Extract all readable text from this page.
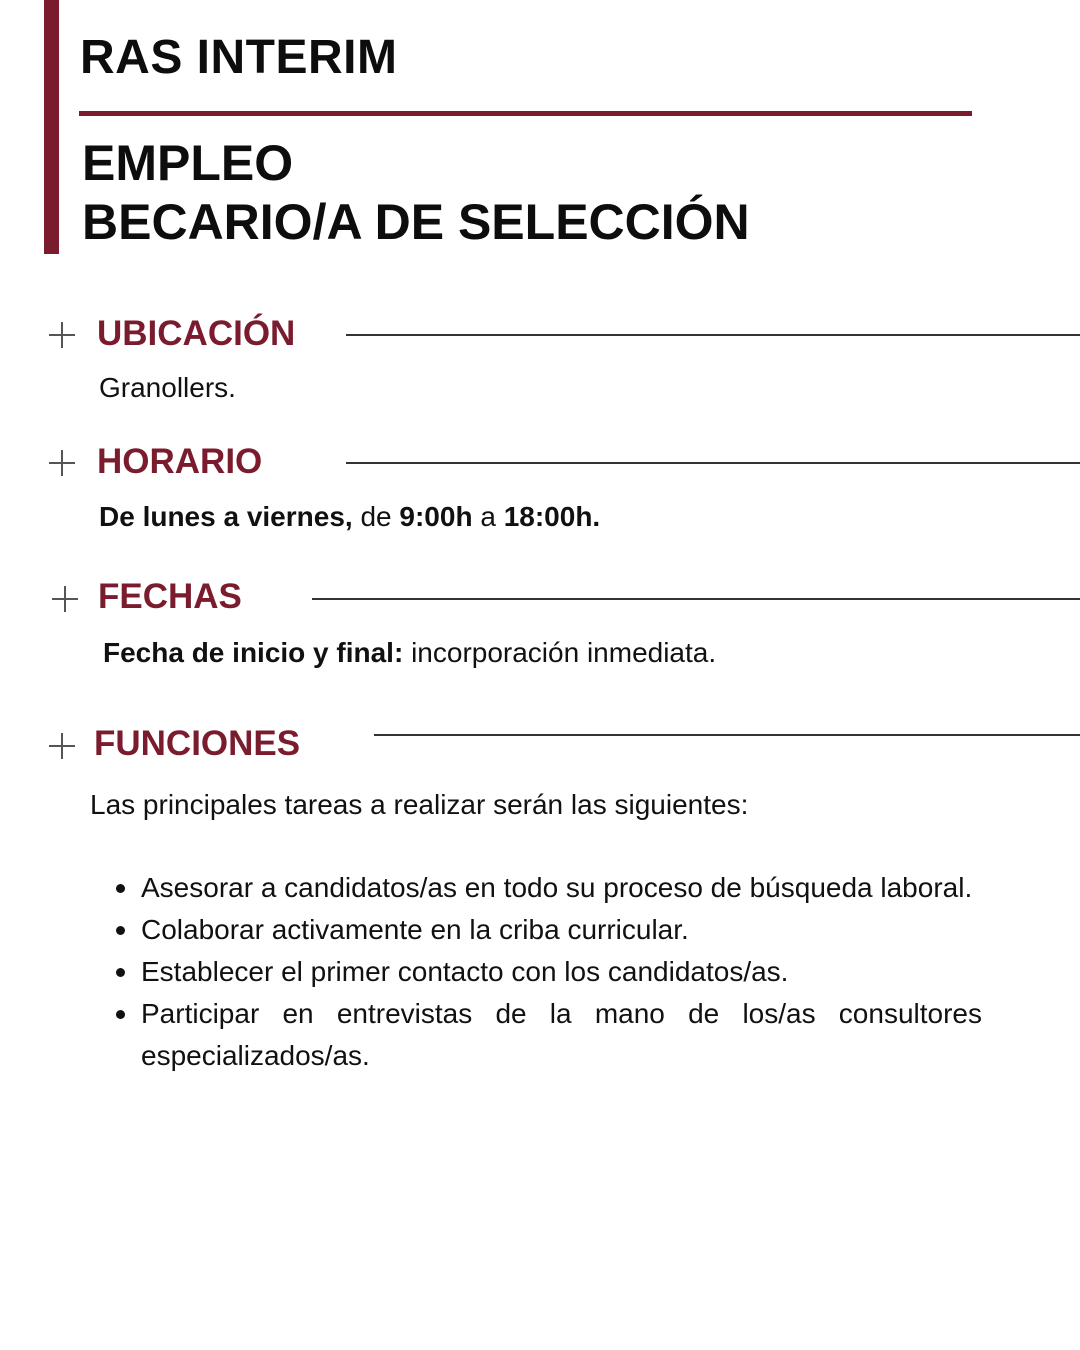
RAS INTERIM
EMPLEO
BECARIO/A DE SELECCIÓN
UBICACIÓN
Granollers.
HORARIO
De lunes a viernes, de 9:00h a 18:00h.
FECHAS
Fecha de inicio y final: incorporación inmediata.
FUNCIONES
Las principales tareas a realizar serán las siguientes:
Asesorar a candidatos/as en todo su proceso de búsqueda laboral.
Colaborar activamente en la criba curricular.
Establecer el primer contacto con los candidatos/as.
Participar en entrevistas de la mano de los/as consultores especializados/as.
